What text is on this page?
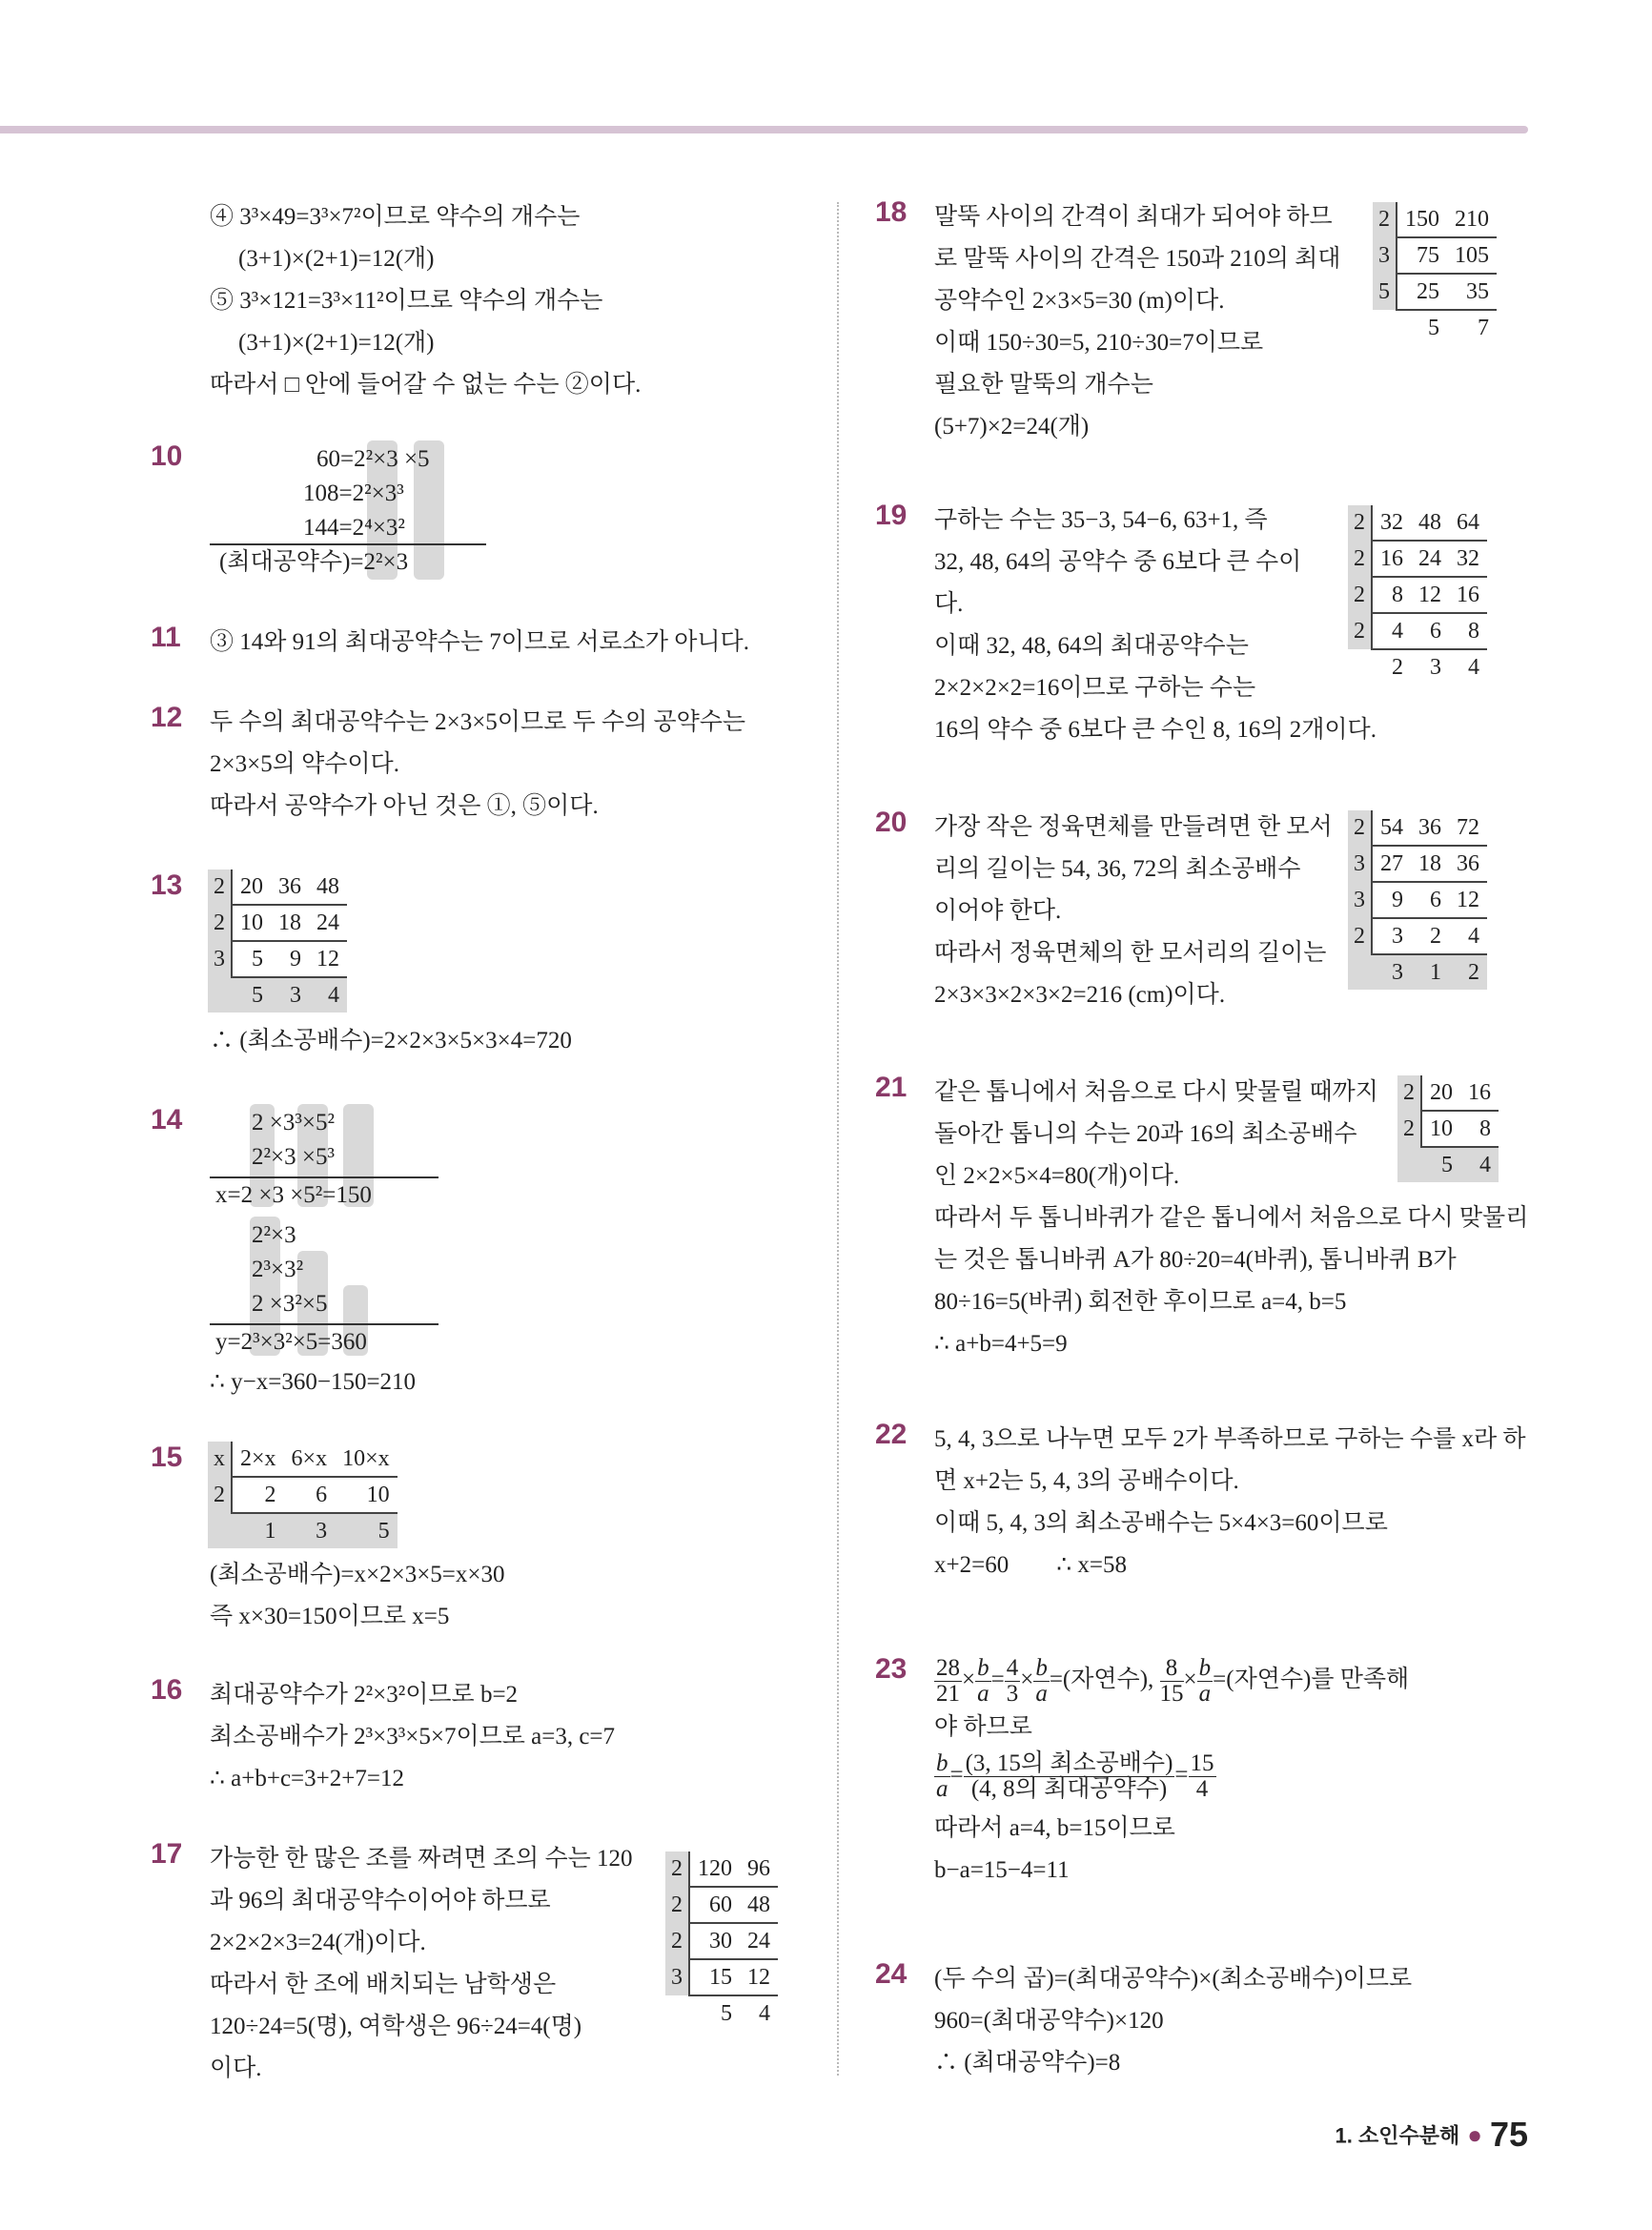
④ 3³×49=3³×7²이므로 약수의 개수는
(3+1)×(2+1)=12(개)
⑤ 3³×121=3³×11²이므로 약수의 개수는
(3+1)×(2+1)=12(개)
따라서 □ 안에 들어갈 수 없는 수는 ②이다.
10	60=2²×3 ×5
108=2²×3³
144=2⁴×3²
(최대공약수)=2²×3
11 ③ 14와 91의 최대공약수는 7이므로 서로소가 아니다.
12 두 수의 최대공약수는 2×3×5이므로 두 수의 공약수는
2×3×5의 약수이다.
따라서 공약수가 아닌 것은 ①, ⑤이다.
13 2	20	36	48
2	10	18	24
3	5	9	12
	5	3	4
∴ (최소공배수)=2×2×3×5×3×4=720
14	2 ×3³×5²
2²×3 ×5³
x=2 ×3 ×5²=150
2²×3
2³×3²
2 ×3²×5
y=2³×3²×5=360
∴ y−x=360−150=210
15 x	2×x	6×x	10×x
2	2	6	10
	1	3	5
(최소공배수)=x×2×3×5=x×30
즉 x×30=150이므로 x=5
16 최대공약수가 2²×3²이므로 b=2
최소공배수가 2³×3³×5×7이므로 a=3, c=7
∴ a+b+c=3+2+7=12
17 가능한 한 많은 조를 짜려면 조의 수는 120
과 96의 최대공약수이어야 하므로
2×2×2×3=24(개)이다.
따라서 한 조에 배치되는 남학생은
120÷24=5(명), 여학생은 96÷24=4(명)
이다.
2	120	96
2	60	48
2	30	24
3	15	12
	5	4
18 말뚝 사이의 간격이 최대가 되어야 하므
로 말뚝 사이의 간격은 150과 210의 최대
공약수인 2×3×5=30 (m)이다.
이때 150÷30=5, 210÷30=7이므로
필요한 말뚝의 개수는
(5+7)×2=24(개)
2	150	210
3	75	105
5	25	35
	5	7
19 구하는 수는 35−3, 54−6, 63+1, 즉
32, 48, 64의 공약수 중 6보다 큰 수이
다.
이때 32, 48, 64의 최대공약수는
2×2×2×2=16이므로 구하는 수는
16의 약수 중 6보다 큰 수인 8, 16의 2개이다.
2	32	48	64
2	16	24	32
2	8	12	16
2	4	6	8
	2	3	4
20 가장 작은 정육면체를 만들려면 한 모서
리의 길이는 54, 36, 72의 최소공배수
이어야 한다.
따라서 정육면체의 한 모서리의 길이는
2×3×3×2×3×2=216 (cm)이다.
2	54	36	72
3	27	18	36
3	9	6	12
2	3	2	4
	3	1	2
21 같은 톱니에서 처음으로 다시 맞물릴 때까지
돌아간 톱니의 수는 20과 16의 최소공배수
인 2×2×5×4=80(개)이다.
따라서 두 톱니바퀴가 같은 톱니에서 처음으로 다시 맞물리
는 것은 톱니바퀴 A가 80÷20=4(바퀴), 톱니바퀴 B가
80÷16=5(바퀴) 회전한 후이므로 a=4, b=5
∴ a+b=4+5=9
2	20	16
2	10	8
	5	4
22 5, 4, 3으로 나누면 모두 2가 부족하므로 구하는 수를 x라 하
면 x+2는 5, 4, 3의 공배수이다.
이때 5, 4, 3의 최소공배수는 5×4×3=60이므로
x+2=60        ∴ x=58
$23 \frac{28}{21} \times \frac{b}{a} = \frac{4}{3} \times \frac{b}{a}$ =(자연수), $\frac{8}{15} \times \frac{b}{a}$ =(자연수)를 만족해
야 하므로
$\frac{b}{a} = \frac{\text{(3, 15의 최소공배수)}}{\text{(4, 8의 최대공약수)}} = \frac{15}{4}$
따라서 a=4, b=15이므로
b−a=15−4=11
24 (두 수의 곱)=(최대공약수)×(최소공배수)이므로
960=(최대공약수)×120
∴ (최대공약수)=8
1. 소인수분해 ● 75
